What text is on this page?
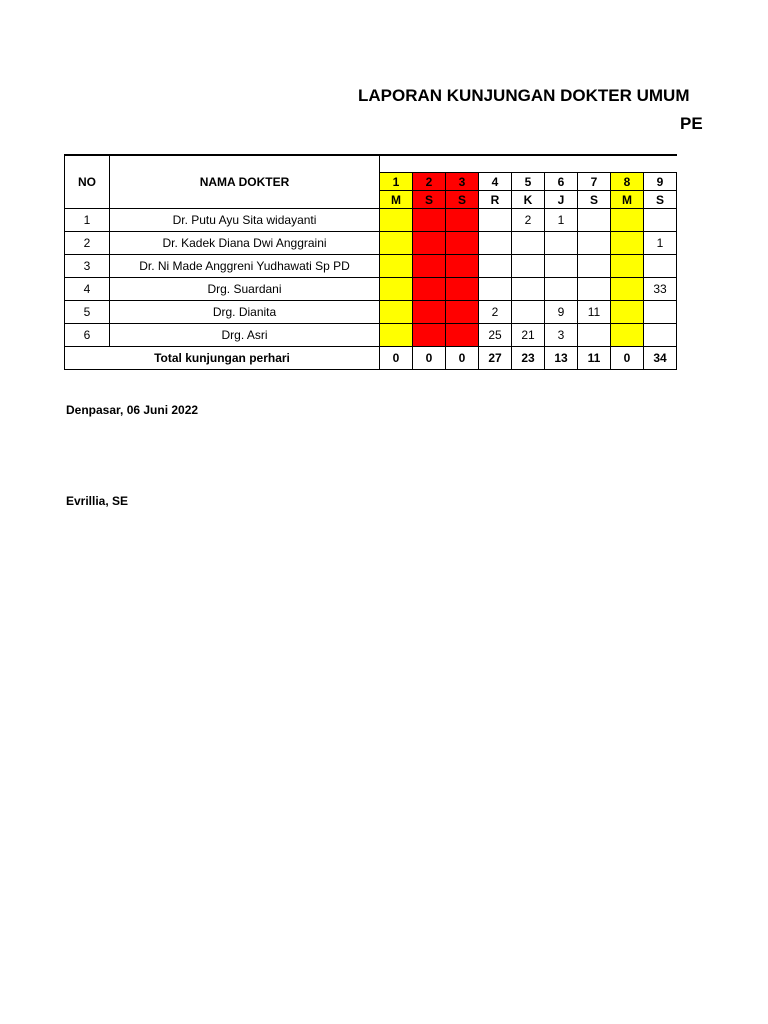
LAPORAN KUNJUNGAN DOKTER UMUM
PE
NO	NAMA DOKTER									
		1	2	3	4	5	6	7	8	9
		M	S	S	R	K	J	S	M	S
1	Dr. Putu Ayu Sita widayanti					2	1			
2	Dr. Kadek Diana Dwi Anggraini									1
3	Dr. Ni Made Anggreni Yudhawati Sp PD									
4	Drg. Suardani									33
5	Drg. Dianita				2		9	11		
6	Drg. Asri				25	21	3			
Total kunjungan perhari		0	0	0	27	23	13	11	0	34
Denpasar, 06 Juni 2022
Evrillia, SE
